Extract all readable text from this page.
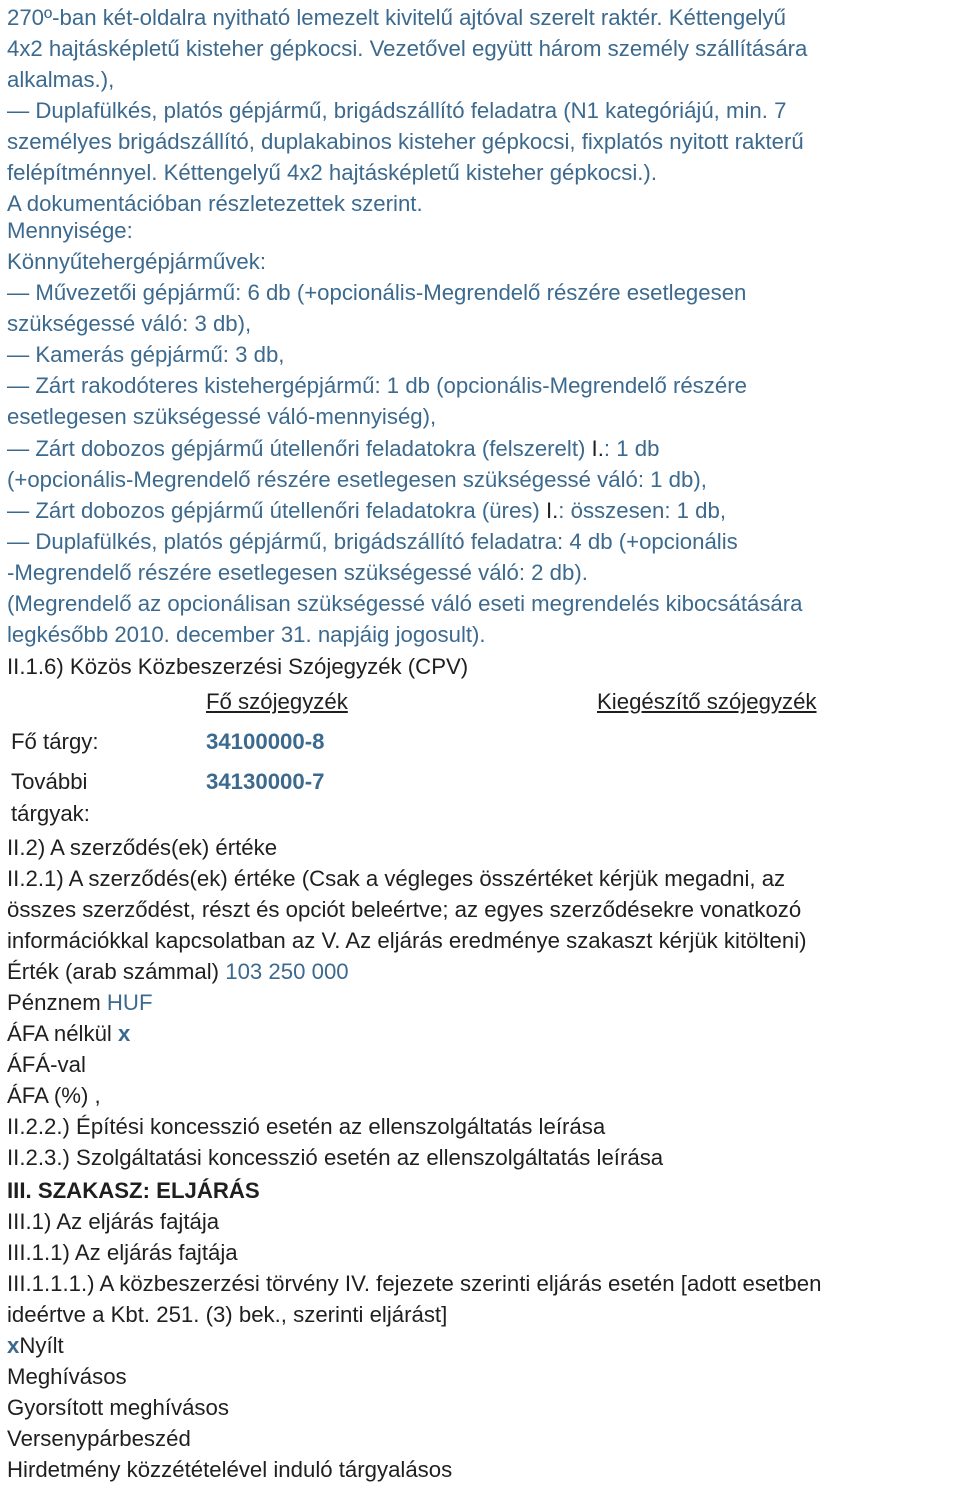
270º-ban két-oldalra nyitható lemezelt kivitelű ajtóval szerelt raktér. Kéttengelyű
4x2 hajtásképletű kisteher gépkocsi. Vezetővel együtt három személy szállítására
alkalmas.),
— Duplafülkés, platós gépjármű, brigádszállító feladatra (N1 kategóriájú, min. 7
személyes brigádszállító, duplakabinos kisteher gépkocsi, fixplatós nyitott rakterű
felépítménnyel. Kéttengelyű 4x2 hajtásképletű kisteher gépkocsi.).
A dokumentációban részletezettek szerint.
Mennyisége:
Könnyűtehergépjárművek:
— Művezetői gépjármű: 6 db (+opcionális-Megrendelő részére esetlegesen
szükségessé váló: 3 db),
— Kamerás gépjármű: 3 db,
— Zárt rakodóteres kistehergépjármű: 1 db (opcionális-Megrendelő részére
esetlegesen szükségessé váló-mennyiség),
— Zárt dobozos gépjármű útellenőri feladatokra (felszerelt) I.: 1 db
(+opcionális-Megrendelő részére esetlegesen szükségessé váló: 1 db),
— Zárt dobozos gépjármű útellenőri feladatokra (üres) I.: összesen: 1 db,
— Duplafülkés, platós gépjármű, brigádszállító feladatra: 4 db (+opcionális
-Megrendelő részére esetlegesen szükségessé váló: 2 db).
(Megrendelő az opcionálisan szükségessé váló eseti megrendelés kibocsátására
legkésőbb 2010. december 31. napjáig jogosult).
II.1.6) Közös Közbeszerzési Szójegyzék (CPV)
Fő szójegyzék	Kiegészítő szójegyzék
Fő tárgy:	34100000-8
További
tárgyak:
34130000-7
II.2) A szerződés(ek) értéke
II.2.1) A szerződés(ek) értéke (Csak a végleges összértéket kérjük megadni, az
összes szerződést, részt és opciót beleértve; az egyes szerződésekre vonatkozó
információkkal kapcsolatban az V. Az eljárás eredménye szakaszt kérjük kitölteni)
Érték (arab számmal) 103 250 000
Pénznem HUF
ÁFA nélkül x
ÁFÁ-val
ÁFA (%) ,
II.2.2.) Építési koncesszió esetén az ellenszolgáltatás leírása
II.2.3.) Szolgáltatási koncesszió esetén az ellenszolgáltatás leírása
III. SZAKASZ: ELJÁRÁS
III.1) Az eljárás fajtája
III.1.1) Az eljárás fajtája
III.1.1.1.) A közbeszerzési törvény IV. fejezete szerinti eljárás esetén [adott esetben
ideértve a Kbt. 251. (3) bek., szerinti eljárást]
xNyílt
Meghívásos
Gyorsított meghívásos
Versenypárbeszéd
Hirdetmény közzétételével induló tárgyalásos
